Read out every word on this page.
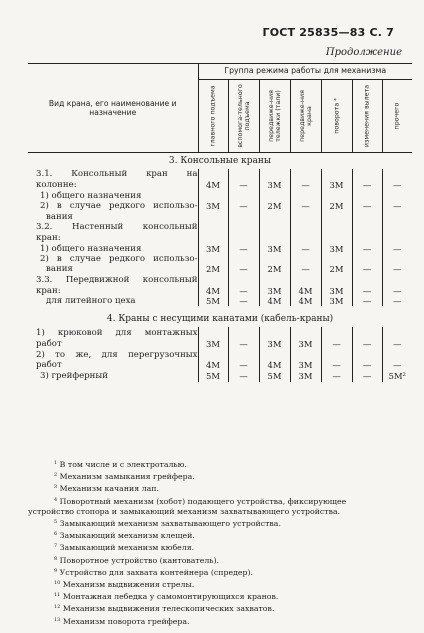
ГОСТ 25835—83 С. 7
Продолжение
Вид крана, его наименование и назначение	Группа режима работы для механизма						

	главного подъема	вспомога-тельного подъема	передвиже-ния тележки (тали)	передвиже-ния крана	поворота ⁴	изменения вылета	прочего

3. Консольные краны							
3.1. Консольный кран на							
колонне:	4М	—	3М	—	3М	—	—
1) общего назначения							
2) в случае редкого использо-	3М	—	2М	—	2М	—	—
вания							
3.2. Настенный консольный							
кран:							
1) общего назначения	3М	—	3М	—	3М	—	—
2) в случае редкого использо-							
вания	2М	—	2М	—	2М	—	—
3.3. Передвижной консольный							
кран:	4М	—	3М	4М	3М	—	—
для литейного цеха	5М	—	4М	4М	3М	—	—

4. Краны с несущими канатами (кабель-краны)							
1) крюковой для монтажных							
работ	3М	—	3М	3М	—	—	—
2) то же, для перегрузочных							
работ	4М	—	4М	3М	—	—	—
3) грейферный	5М	—	5М	3М	—	—	5М²
$^1$ В том числе и с электроталью.
$^2$ Механизм замыкания грейфера.
$^3$ Механизм качания лап.
$^4$ Поворотный механизм (хобот) подающего устройства, фиксирующее
устройство стопора и замыкающий механизм захватывающего устройства.
$^5$ Замыкающий механизм захватывающего устройства.
$^6$ Замыкающий механизм клещей.
$^7$ Замыкающий механизм кюбеля.
$^8$ Поворотное устройство (кантователь).
$^9$ Устройство для захвата контейнера (спредер).
$^{10}$ Механизм выдвижения стрелы.
$^{11}$ Монтажная лебедка у самомонтирующихся кранов.
$^{12}$ Механизм выдвижения телескопических захватов.
$^{13}$ Механизм поворота грейфера.
